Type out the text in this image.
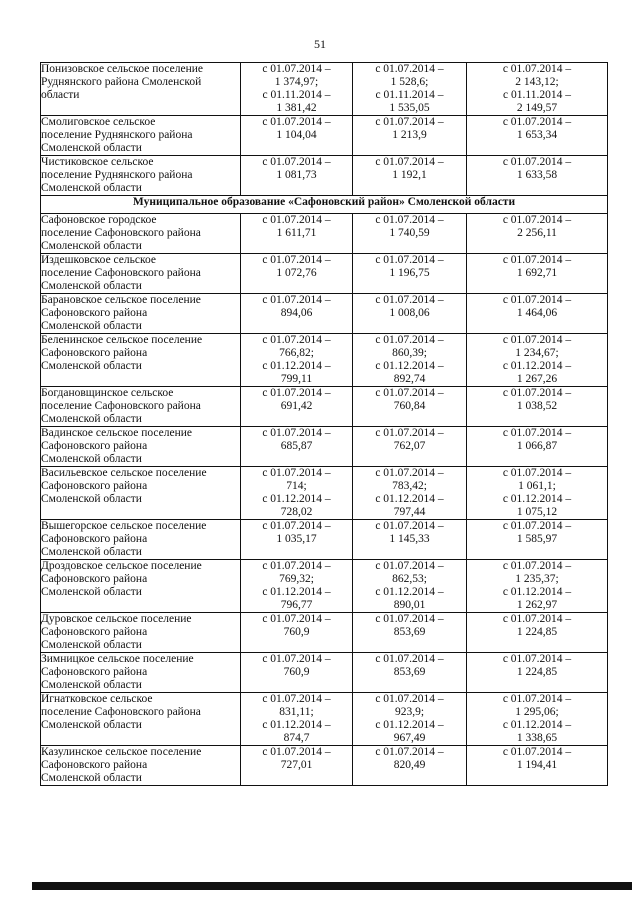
51
Понизовское сельское поселение
Руднянского района Смоленской
области	с 01.07.2014 –
1 374,97;
с 01.11.2014 –
1 381,42	с 01.07.2014 –
1 528,6;
с 01.11.2014 –
1 535,05	с 01.07.2014 –
2 143,12;
с 01.11.2014 –
2 149,57

Смолиговское сельское
поселение Руднянского района
Смоленской области	с 01.07.2014 –
1 104,04	с 01.07.2014 –
1 213,9	с 01.07.2014 –
1 653,34

Чистиковское сельское
поселение Руднянского района
Смоленской области	с 01.07.2014 –
1 081,73	с 01.07.2014 –
1 192,1	с 01.07.2014 –
1 633,58

Муниципальное образование «Сафоновский район» Смоленской области			

Сафоновское городское
поселение Сафоновского района
Смоленской области	с 01.07.2014 –
1 611,71	с 01.07.2014 –
1 740,59	с 01.07.2014 –
2 256,11

Издешковское сельское
поселение Сафоновского района
Смоленской области	с 01.07.2014 –
1 072,76	с 01.07.2014 –
1 196,75	с 01.07.2014 –
1 692,71

Барановское сельское поселение
Сафоновского района
Смоленской области	с 01.07.2014 –
894,06	с 01.07.2014 –
1 008,06	с 01.07.2014 –
1 464,06

Беленинское сельское поселение
Сафоновского района
Смоленской области	с 01.07.2014 –
766,82;
с 01.12.2014 –
799,11	с 01.07.2014 –
860,39;
с 01.12.2014 –
892,74	с 01.07.2014 –
1 234,67;
с 01.12.2014 –
1 267,26

Богдановщинское сельское
поселение Сафоновского района
Смоленской области	с 01.07.2014 –
691,42	с 01.07.2014 –
760,84	с 01.07.2014 –
1 038,52

Вадинское сельское поселение
Сафоновского района
Смоленской области	с 01.07.2014 –
685,87	с 01.07.2014 –
762,07	с 01.07.2014 –
1 066,87

Васильевское сельское поселение
Сафоновского района
Смоленской области	с 01.07.2014 –
714;
с 01.12.2014 –
728,02	с 01.07.2014 –
783,42;
с 01.12.2014 –
797,44	с 01.07.2014 –
1 061,1;
с 01.12.2014 –
1 075,12

Вышегорское сельское поселение
Сафоновского района
Смоленской области	с 01.07.2014 –
1 035,17	с 01.07.2014 –
1 145,33	с 01.07.2014 –
1 585,97

Дроздовское сельское поселение
Сафоновского района
Смоленской области	с 01.07.2014 –
769,32;
с 01.12.2014 –
796,77	с 01.07.2014 –
862,53;
с 01.12.2014 –
890,01	с 01.07.2014 –
1 235,37;
с 01.12.2014 –
1 262,97

Дуровское сельское поселение
Сафоновского района
Смоленской области	с 01.07.2014 –
760,9	с 01.07.2014 –
853,69	с 01.07.2014 –
1 224,85

Зимницкое сельское поселение
Сафоновского района
Смоленской области	с 01.07.2014 –
760,9	с 01.07.2014 –
853,69	с 01.07.2014 –
1 224,85

Игнатковское сельское
поселение Сафоновского района
Смоленской области	с 01.07.2014 –
831,11;
с 01.12.2014 –
874,7	с 01.07.2014 –
923,9;
с 01.12.2014 –
967,49	с 01.07.2014 –
1 295,06;
с 01.12.2014 –
1 338,65

Казулинское сельское поселение
Сафоновского района
Смоленской области	с 01.07.2014 –
727,01	с 01.07.2014 –
820,49	с 01.07.2014 –
1 194,41
